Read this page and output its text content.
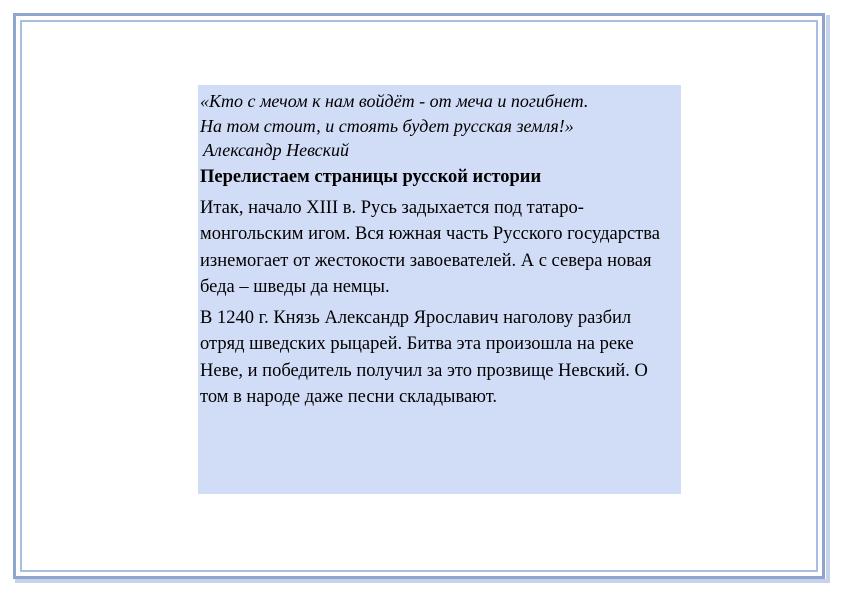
«Кто с мечом к нам войдёт - от меча и погибнет.
На том стоит, и стоять будет русская земля!»
Александр Невский

Перелистаем страницы русской истории

Итак, начало XIII в. Русь задыхается под татаро-монгольским игом. Вся южная часть Русского государства изнемогает от жестокости завоевателей. А с севера новая беда – шведы да немцы.

В 1240 г. Князь Александр Ярославич наголову разбил отряд шведских рыцарей. Битва эта произошла на реке Неве, и победитель получил за это прозвище Невский. О том в народе даже песни складывают.
